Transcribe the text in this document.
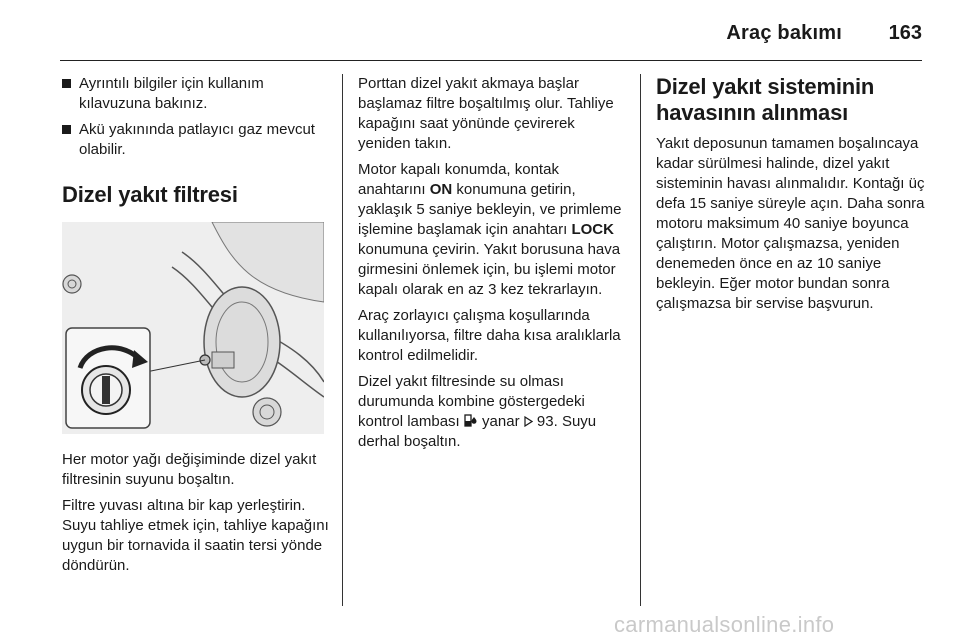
Araç bakımı 163
Ayrıntılı bilgiler için kullanım kılavuzuna bakınız.
Akü yakınında patlayıcı gaz mevcut olabilir.
Dizel yakıt filtresi

Her motor yağı değişiminde dizel yakıt filtresinin suyunu boşaltın.

Filtre yuvası altına bir kap yerleştirin. Suyu tahliye etmek için, tahliye kapağını uygun bir tornavida il saatin tersi yönde döndürün.

Porttan dizel yakıt akmaya başlar başlamaz filtre boşaltılmış olur. Tahliye kapağını saat yönünde çevirerek yeniden takın.

Motor kapalı konumda, kontak anahtarını ON konumuna getirin, yaklaşık 5 saniye bekleyin, ve primleme işlemine başlamak için anahtarı LOCK konumuna çevirin. Yakıt borusuna hava girmesini önlemek için, bu işlemi motor kapalı olarak en az 3 kez tekrarlayın.

Araç zorlayıcı çalışma koşullarında kullanılıyorsa, filtre daha kısa aralıklarla kontrol edilmelidir.

Dizel yakıt filtresinde su olması durumunda kombine göstergedeki kontrol lambası  yanar  93. Suyu derhal boşaltın.

Dizel yakıt sisteminin havasının alınması

Yakıt deposunun tamamen boşalıncaya kadar sürülmesi halinde, dizel yakıt sisteminin havası alınmalıdır. Kontağı üç defa 15 saniye süreyle açın. Daha sonra motoru maksimum 40 saniye boyunca çalıştırın. Motor çalışmazsa, yeniden denemeden önce en az 10 saniye bekleyin. Eğer motor bundan sonra çalışmazsa bir servise başvurun.

carmanualsonline.info
